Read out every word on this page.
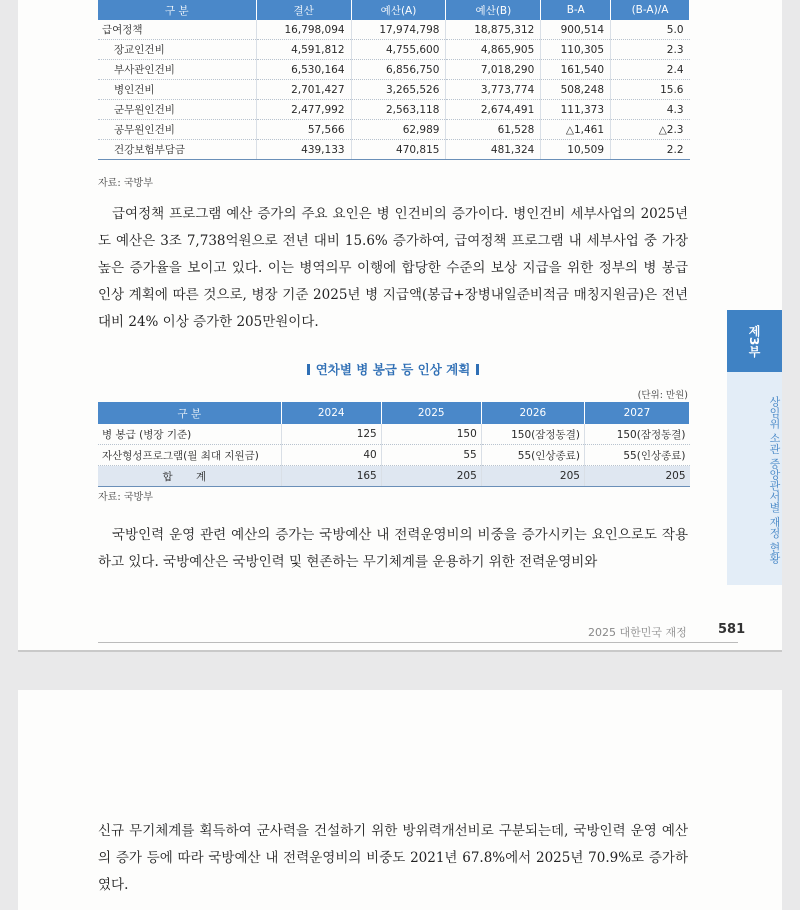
구 분	결산	예산(A)	예산(B)	B-A	(B-A)/A
급여정책	16,798,094	17,974,798	18,875,312	900,514	5.0
장교인건비	4,591,812	4,755,600	4,865,905	110,305	2.3
부사관인건비	6,530,164	6,856,750	7,018,290	161,540	2.4
병인건비	2,701,427	3,265,526	3,773,774	508,248	15.6
군무원인건비	2,477,992	2,563,118	2,674,491	111,373	4.3
공무원인건비	57,566	62,989	61,528	△1,461	△2.3
건강보험부담금	439,133	470,815	481,324	10,509	2.2
자료: 국방부

급여정책 프로그램 예산 증가의 주요 요인은 병 인건비의 증가이다. 병인건비 세부사업의 2025년도 예산은 3조 7,738억원으로 전년 대비 15.6% 증가하여, 급여정책 프로그램 내 세부사업 중 가장 높은 증가율을 보이고 있다. 이는 병역의무 이행에 합당한 수준의 보상 지급을 위한 정부의 병 봉급 인상 계획에 따른 것으로, 병장 기준 2025년 병 지급액(봉급+장병내일준비적금 매칭지원금)은 전년 대비 24% 이상 증가한 205만원이다.

연차별 병 봉급 등 인상 계획
(단위: 만원)
구 분	2024	2025	2026	2027
병 봉급 (병장 기준)	125	150	150(잠정동결)	150(잠정동결)
자산형성프로그램(월 최대 지원금)	40	55	55(인상종료)	55(인상종료)
합 계	165	205	205	205
자료: 국방부

국방인력 운영 관련 예산의 증가는 국방예산 내 전력운영비의 비중을 증가시키는 요인으로도 작용하고 있다. 국방예산은 국방인력 및 현존하는 무기체계를 운용하기 위한 전력운영비와

제3부
상임위 소관 중앙관서별 재정 현황
2025 대한민국 재정 581

신규 무기체계를 획득하여 군사력을 건설하기 위한 방위력개선비로 구분되는데, 국방인력 운영 예산의 증가 등에 따라 국방예산 내 전력운영비의 비중도 2021년 67.8%에서 2025년 70.9%로 증가하였다.
